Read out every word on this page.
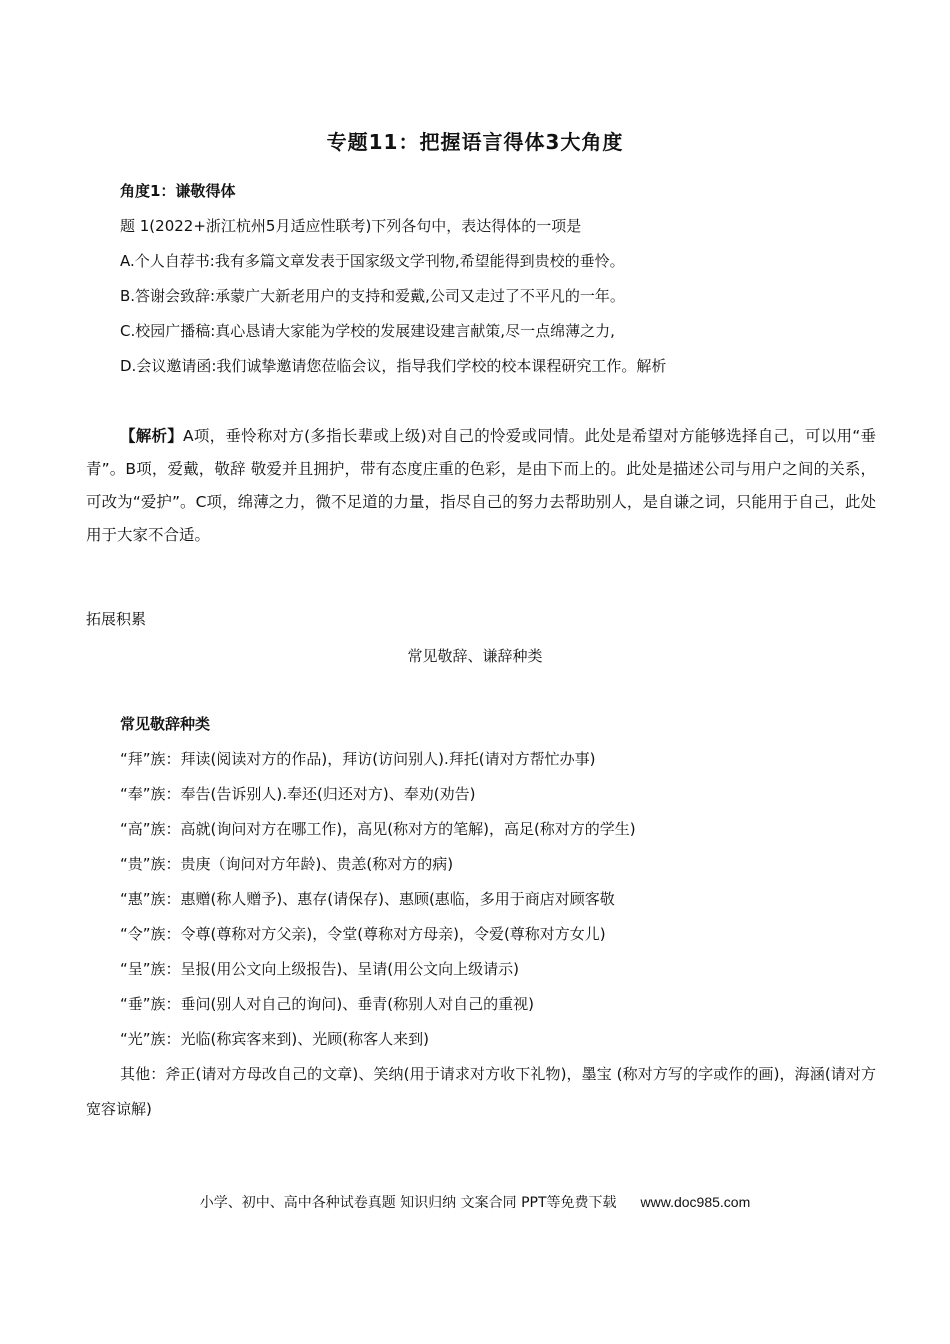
专题11：把握语言得体3大角度
角度1：谦敬得体
题 1(2022+浙江杭州5月适应性联考)下列各句中，表达得体的一项是
A.个人自荐书:我有多篇文章发表于国家级文学刊物,希望能得到贵校的垂怜。
B.答谢会致辞:承蒙广大新老用户的支持和爱戴,公司又走过了不平凡的一年。
C.校园广播稿:真心恳请大家能为学校的发展建设建言献策,尽一点绵薄之力,
D.会议邀请函:我们诚挚邀请您莅临会议，指导我们学校的校本课程研究工作。解析
【解析】A项，垂怜称对方(多指长辈或上级)对自己的怜爱或同情。此处是希望对方能够选择自己，可以用“垂青”。B项，爱戴，敬辞 敬爱并且拥护，带有态度庄重的色彩，是由下而上的。此处是描述公司与用户之间的关系，可改为“爱护”。C项，绵薄之力，微不足道的力量，指尽自己的努力去帮助别人，是自谦之词，只能用于自己，此处用于大家不合适。
拓展积累
常见敬辞、谦辞种类
常见敬辞种类
“拜”族：拜读(阅读对方的作品)，拜访(访问别人).拜托(请对方帮忙办事)
“奉”族：奉告(告诉别人).奉还(归还对方)、奉劝(劝告)
“高”族：高就(询问对方在哪工作)，高见(称对方的笔解)，高足(称对方的学生)
“贵”族：贵庚（询问对方年龄)、贵恙(称对方的病)
“惠”族：惠赠(称人赠予)、惠存(请保存)、惠顾(惠临，多用于商店对顾客敬
“令”族：令尊(尊称对方父亲)，令堂(尊称对方母亲)，令爱(尊称对方女儿)
“呈”族：呈报(用公文向上级报告)、呈请(用公文向上级请示)
“垂”族：垂问(别人对自己的询问)、垂青(称别人对自己的重视)
“光”族：光临(称宾客来到)、光顾(称客人来到)
其他：斧正(请对方母改自己的文章)、笑纳(用于请求对方收下礼物)，墨宝 (称对方写的字或作的画)，海涵(请对方宽容谅解)
小学、初中、高中各种试卷真题 知识归纳 文案合同 PPT等免费下载 www.doc985.com
